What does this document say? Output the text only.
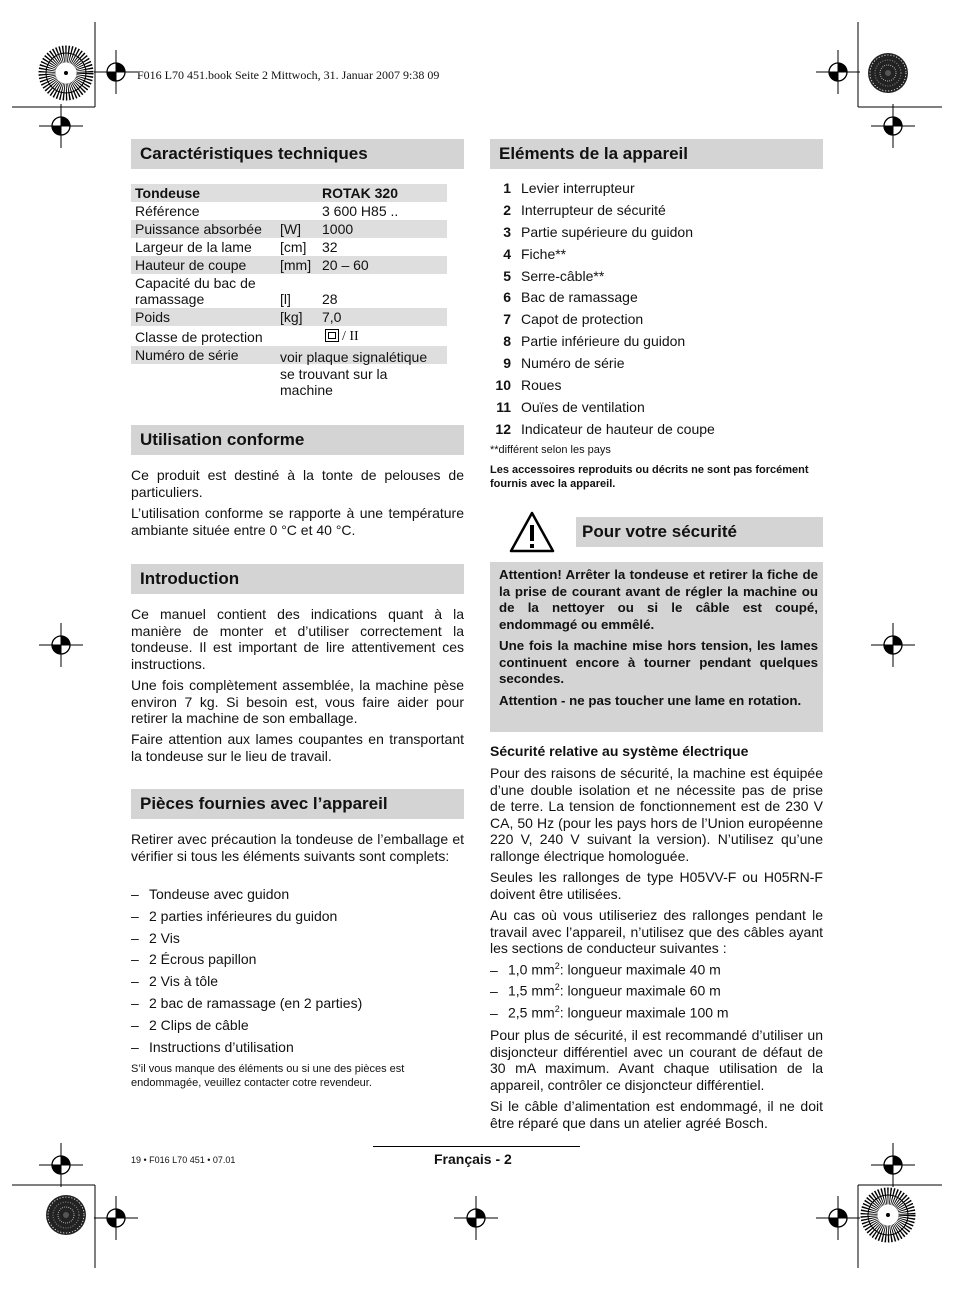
F016 L70 451.book Seite 2 Mittwoch, 31. Januar 2007 9:38 09
Caractéristiques techniques
Tondeuse		ROTAK 320
Référence		3 600 H85 ..
Puissance absorbée	[W]	1000
Largeur de la lame	[cm]	32
Hauteur de coupe	[mm]	20 – 60
Capacité du bac de ramassage	[l]	28
Poids	[kg]	7,0
Classe de protection		/ II
Numéro de série			voir plaque signalétique se trouvant sur la machine
Utilisation conforme
Ce produit est destiné à la tonte de pelouses de particuliers.
L’utilisation conforme se rapporte à une température ambiante située entre 0 °C et 40 °C.
Introduction
Ce manuel contient des indications quant à la manière de monter et d’utiliser correctement la tondeuse. Il est important de lire attentivement ces instructions.
Une fois complètement assemblée, la machine pèse environ 7 kg. Si besoin est, vous faire aider pour retirer la machine de son emballage.
Faire attention aux lames coupantes en transportant la tondeuse sur le lieu de travail.
Pièces fournies avec l’appareil
Retirer avec précaution la tondeuse de l’emballage et vérifier si tous les éléments suivants sont complets:
– Tondeuse avec guidon
– 2 parties inférieures du guidon
– 2 Vis
– 2 Écrous papillon
– 2 Vis à tôle
– 2 bac de ramassage (en 2 parties)
– 2 Clips de câble
– Instructions d’utilisation
S’il vous manque des éléments ou si une des pièces est endommagée, veuillez contacter cotre revendeur.
Eléments de la appareil
1 Levier interrupteur
2 Interrupteur de sécurité
3 Partie supérieure du guidon
4 Fiche**
5 Serre-câble**
6 Bac de ramassage
7 Capot de protection
8 Partie inférieure du guidon
9 Numéro de série
10 Roues
11 Ouïes de ventilation
12 Indicateur de hauteur de coupe
**différent selon les pays
Les accessoires reproduits ou décrits ne sont pas forcément fournis avec la appareil.
Pour votre sécurité

Attention! Arrêter la tondeuse et retirer la fiche de la prise de courant avant de régler la machine ou de la nettoyer ou si le câble est coupé, endommagé ou emmêlé.

Une fois la machine mise hors tension, les lames continuent encore à tourner pendant quelques secondes.

Attention - ne pas toucher une lame en rotation.

Sécurité relative au système électrique
Pour des raisons de sécurité, la machine est équipée d’une double isolation et ne nécessite pas de prise de terre. La tension de fonctionnement est de 230 V CA, 50 Hz (pour les pays hors de l’Union européenne 220 V, 240 V suivant la version). N’utilisez qu’une rallonge électrique homologuée.
Seules les rallonges de type H05VV-F ou H05RN-F doivent être utilisées.
Au cas où vous utiliseriez des rallonges pendant le travail avec l’appareil, n’utilisez que des câbles ayant les sections de conducteur suivantes :
– 1,0 $mm^2$: longueur maximale 40 m
– 1,5 $mm^2$: longueur maximale 60 m
– 2,5 $mm^2$: longueur maximale 100 m
Pour plus de sécurité, il est recommandé d’utiliser un disjoncteur différentiel avec un courant de défaut de 30 mA maximum. Avant chaque utilisation de la appareil, contrôler ce disjoncteur différentiel.
Si le câble d’alimentation est endommagé, il ne doit être réparé que dans un atelier agréé Bosch.
19 • F016 L70 451 • 07.01	Français - 2
